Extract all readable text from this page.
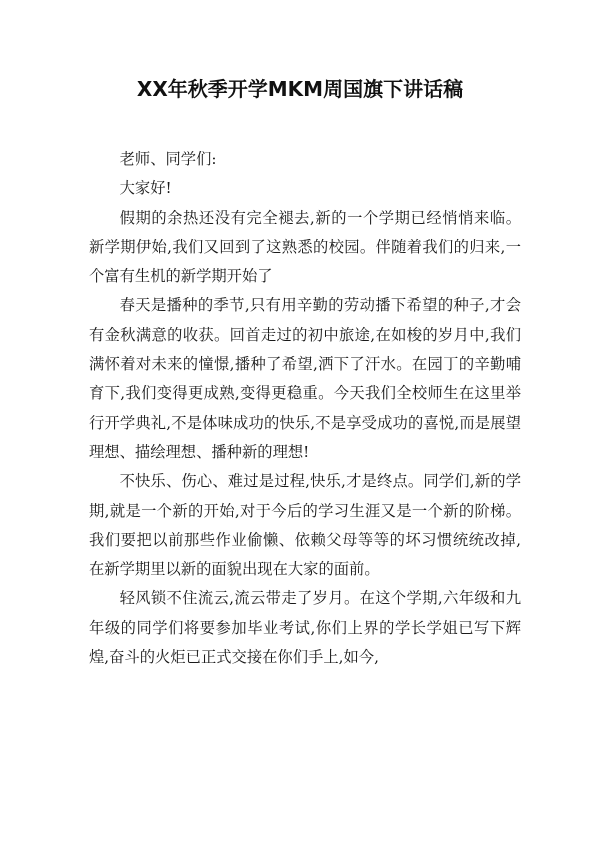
XX年秋季开学MKM周国旗下讲话稿

老师、同学们:

大家好!

假期的余热还没有完全褪去,新的一个学期已经悄悄来临。新学期伊始,我们又回到了这熟悉的校园。伴随着我们的归来,一个富有生机的新学期开始了

春天是播种的季节,只有用辛勤的劳动播下希望的种子,才会有金秋满意的收获。回首走过的初中旅途,在如梭的岁月中,我们满怀着对未来的憧憬,播种了希望,洒下了汗水。在园丁的辛勤哺育下,我们变得更成熟,变得更稳重。今天我们全校师生在这里举行开学典礼,不是体味成功的快乐,不是享受成功的喜悦,而是展望理想、描绘理想、播种新的理想!

不快乐、伤心、难过是过程,快乐,才是终点。同学们,新的学期,就是一个新的开始,对于今后的学习生涯又是一个新的阶梯。我们要把以前那些作业偷懒、依赖父母等等的坏习惯统统改掉,在新学期里以新的面貌出现在大家的面前。

轻风锁不住流云,流云带走了岁月。在这个学期,六年级和九年级的同学们将要参加毕业考试,你们上界的学长学姐已写下辉煌,奋斗的火炬已正式交接在你们手上,如今,
